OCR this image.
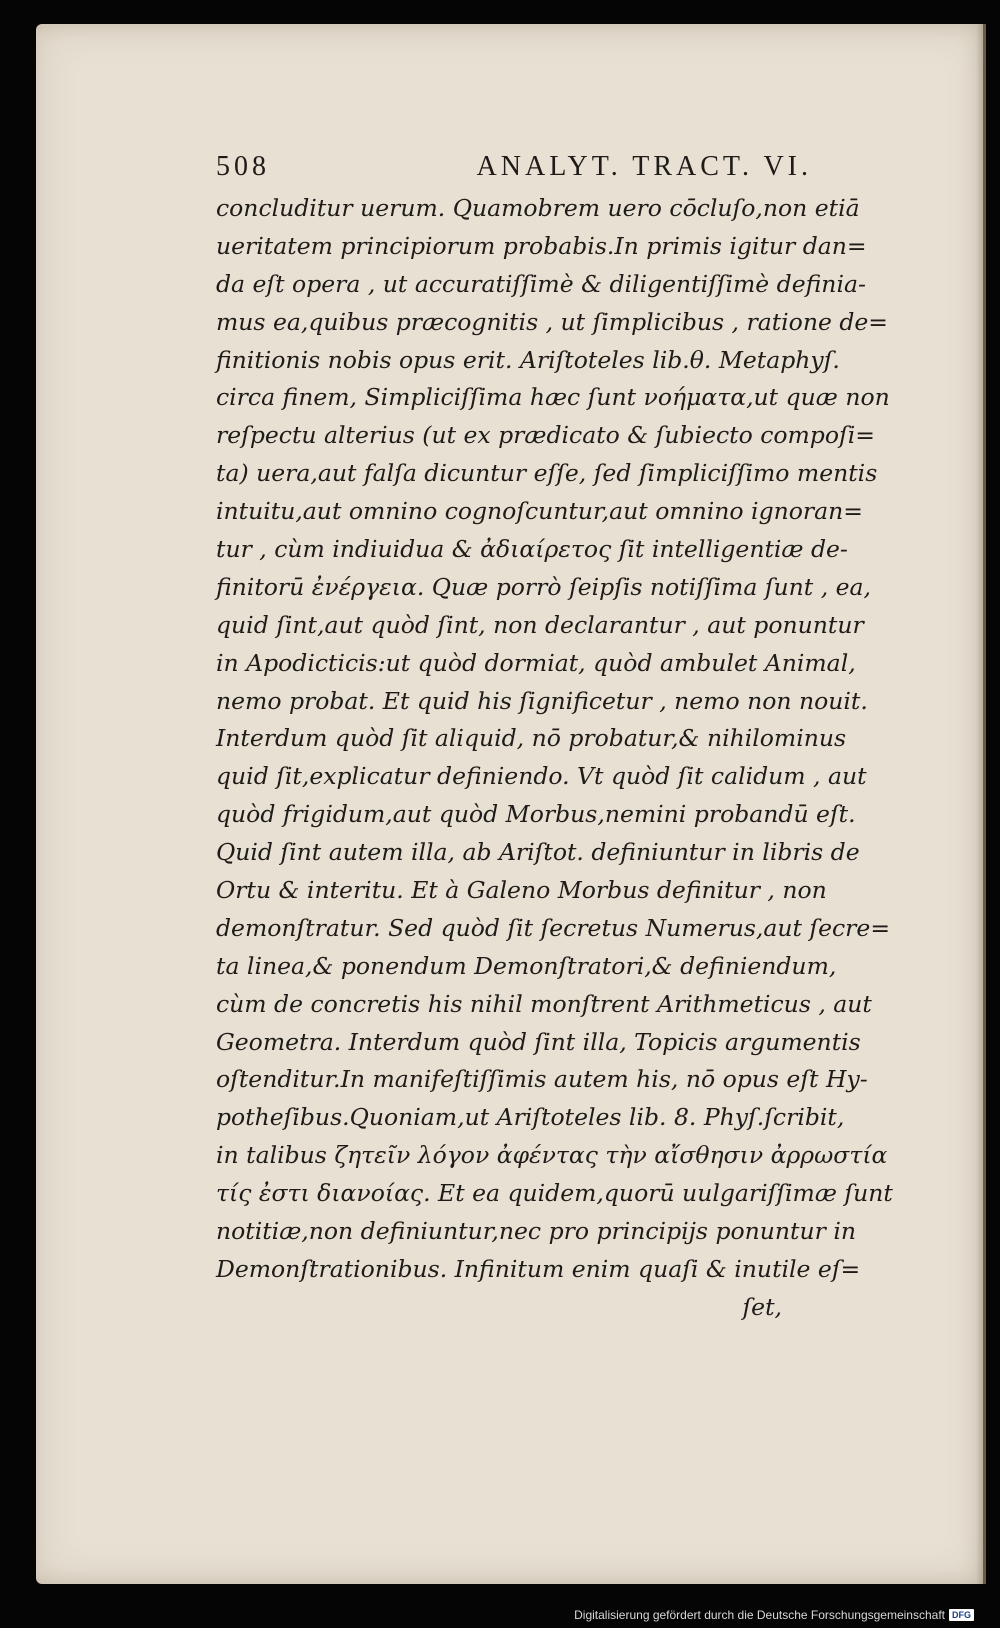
508	ANALYT. TRACT. VI.
concluditur uerum. Quamobrem uero cōcluſo,non etiā
ueritatem principiorum probabis.In primis igitur dan=
da eſt opera , ut accuratiſſimè & diligentiſſimè definia-
mus ea,quibus præcognitis , ut ſimplicibus , ratione de=
finitionis nobis opus erit. Ariſtoteles lib.θ. Metaphyſ.
circa finem, Simpliciſſima hæc ſunt νοήματα,ut quæ non
reſpectu alterius (ut ex prædicato & ſubiecto compoſi=
ta) uera,aut falſa dicuntur eſſe, ſed ſimpliciſſimo mentis
intuitu,aut omnino cognoſcuntur,aut omnino ignoran=
tur , cùm indiuidua & ἀδιαίρετος ſit intelligentiæ de-
finitorū ἐνέργεια. Quæ porrò ſeipſis notiſſima ſunt , ea,
quid ſint,aut quòd ſint, non declarantur , aut ponuntur
in Apodicticis:ut quòd dormiat, quòd ambulet Animal,
nemo probat. Et quid his ſignificetur , nemo non nouit.
Interdum quòd ſit aliquid, nō probatur,& nihilominus
quid ſit,explicatur definiendo. Vt quòd ſit calidum , aut
quòd frigidum,aut quòd Morbus,nemini probandū eſt.
Quid ſint autem illa, ab Ariſtot. definiuntur in libris de
Ortu & interitu. Et à Galeno Morbus definitur , non
demonſtratur. Sed quòd ſit ſecretus Numerus,aut ſecre=
ta linea,& ponendum Demonſtratori,& definiendum,
cùm de concretis his nihil monſtrent Arithmeticus , aut
Geometra. Interdum quòd ſint illa, Topicis argumentis
oſtenditur.In manifeſtiſſimis autem his, nō opus eſt Hy-
potheſibus.Quoniam,ut Ariſtoteles lib. 8. Phyſ.ſcribit,
in talibus ζητεῖν λόγον ἀφέντας τὴν αἴσθησιν ἀρρωστία
τίς ἐστι διανοίας. Et ea quidem,quorū uulgariſſimæ ſunt
notitiæ,non definiuntur,nec pro principijs ponuntur in
Demonſtrationibus. Infinitum enim quaſi & inutile eſ=
ſet,
Digitalisierung gefördert durch die Deutsche Forschungsgemeinschaft DFG
